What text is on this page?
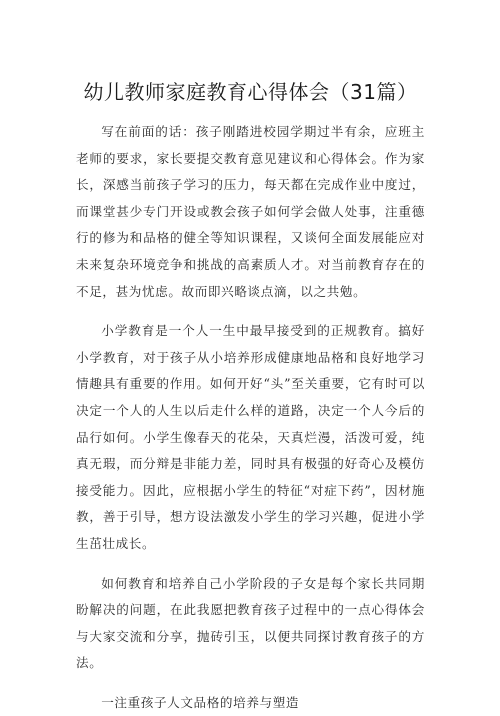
幼儿教师家庭教育心得体会（31篇）

写在前面的话：孩子刚踏进校园学期过半有余，应班主老师的要求，家长要提交教育意见建议和心得体会。作为家长，深感当前孩子学习的压力，每天都在完成作业中度过，而课堂甚少专门开设或教会孩子如何学会做人处事，注重德行的修为和品格的健全等知识课程，又谈何全面发展能应对未来复杂环境竞争和挑战的高素质人才。对当前教育存在的不足，甚为忧虑。故而即兴略谈点滴，以之共勉。

小学教育是一个人一生中最早接受到的正规教育。搞好小学教育，对于孩子从小培养形成健康地品格和良好地学习情趣具有重要的作用。如何开好“头”至关重要，它有时可以决定一个人的人生以后走什么样的道路，决定一个人今后的品行如何。小学生像春天的花朵，天真烂漫，活泼可爱，纯真无瑕，而分辩是非能力差，同时具有极强的好奇心及模仿接受能力。因此，应根据小学生的特征“对症下药”，因材施教，善于引导，想方设法激发小学生的学习兴趣，促进小学生茁壮成长。

如何教育和培养自己小学阶段的子女是每个家长共同期盼解决的问题，在此我愿把教育孩子过程中的一点心得体会与大家交流和分享，抛砖引玉，以便共同探讨教育孩子的方法。

一注重孩子人文品格的培养与塑造
